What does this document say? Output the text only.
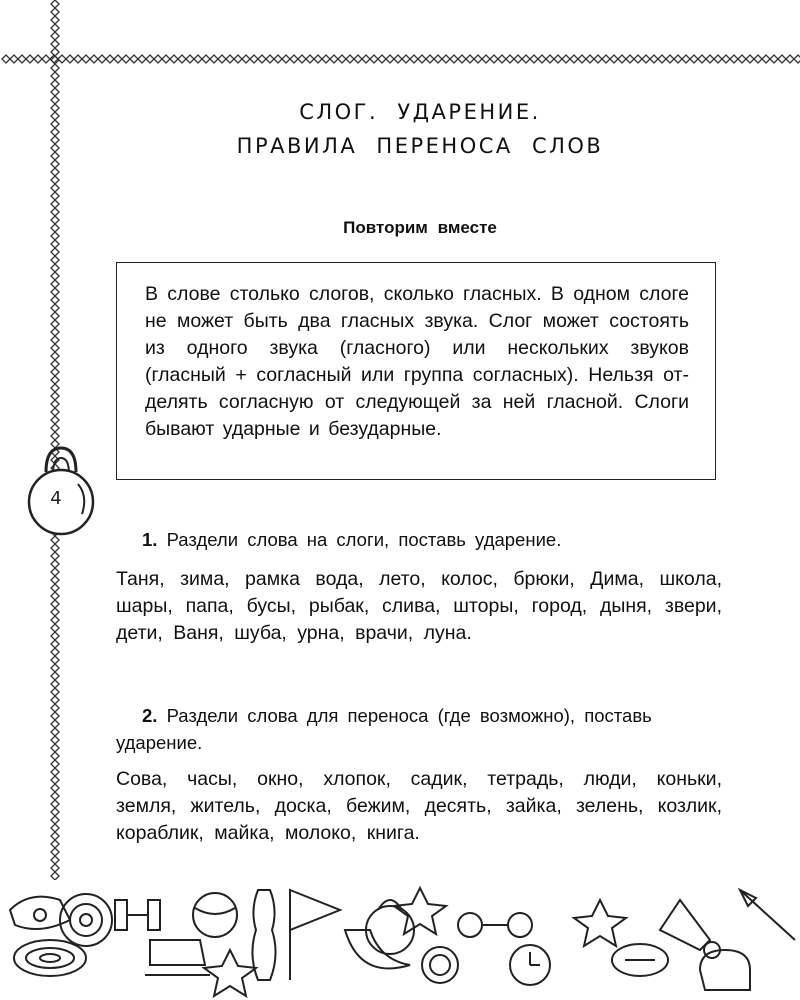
4
СЛОГ. УДАРЕНИЕ.
ПРАВИЛА ПЕРЕНОСА СЛОВ
Повторим вместе
В слове столько слогов, сколько гласных. В одном слоге не может быть два гласных звука. Слог может состоять из одного звука (гласного) или нескольких звуков (гласный + согласный или группа согласных). Нельзя отделять согласную от следующей за ней гласной. Слоги бывают ударные и безударные.
1. Раздели слова на слоги, поставь ударение.
Таня, зима, рамка вода, лето, колос, брюки, Дима, школа, шары, папа, бусы, рыбак, слива, шторы, город, дыня, звери, дети, Ваня, шуба, урна, врачи, луна.
2. Раздели слова для переноса (где возможно), поставь ударение.
Сова, часы, окно, хлопок, садик, тетрадь, люди, коньки, земля, житель, доска, бежим, десять, зайка, зелень, козлик, кораблик, майка, молоко, книга.
